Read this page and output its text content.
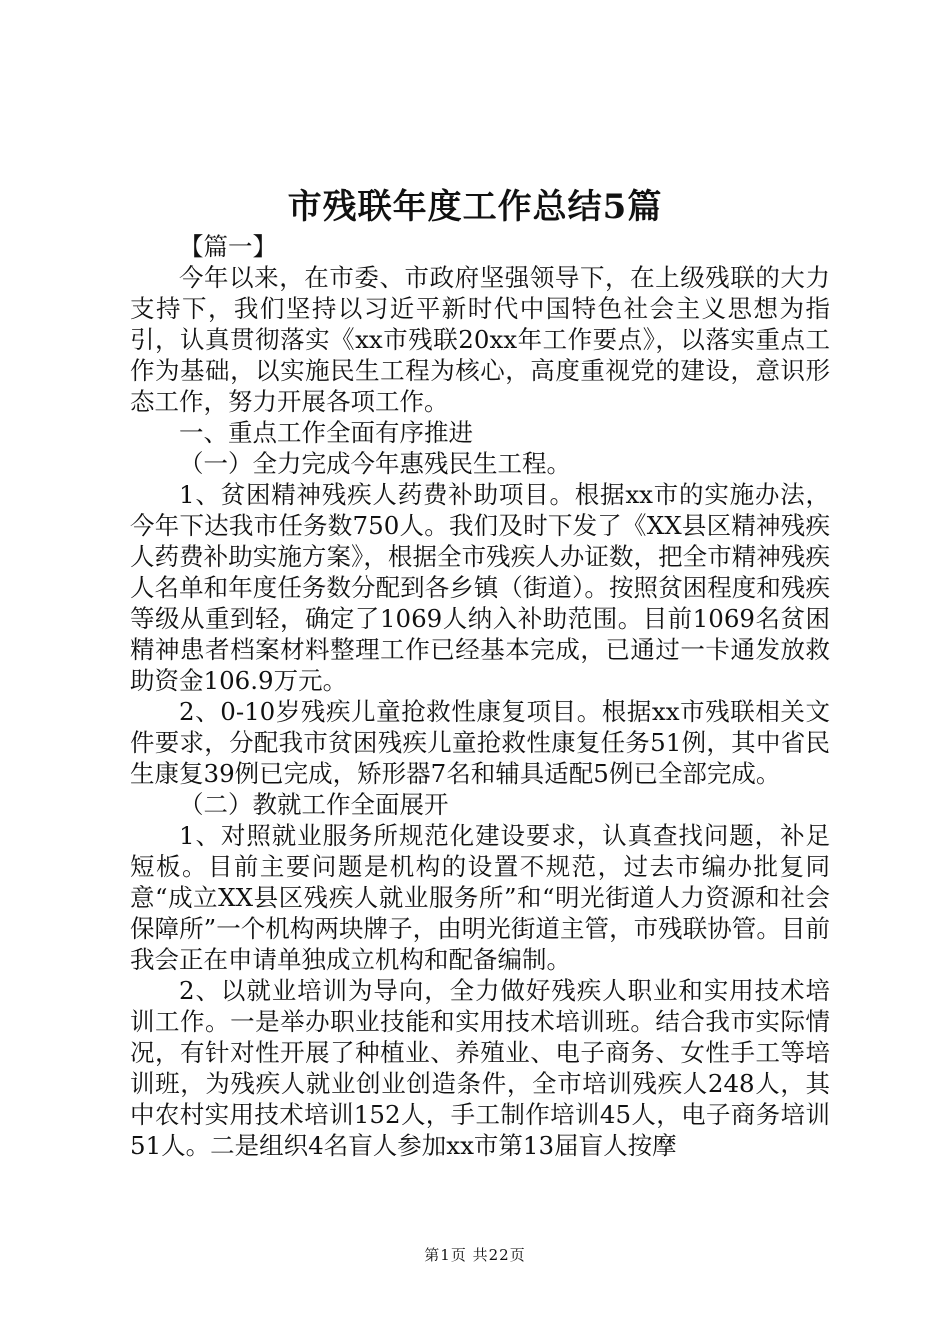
市残联年度工作总结5篇

【篇一】

今年以来，在市委、市政府坚强领导下，在上级残联的大力支持下，我们坚持以习近平新时代中国特色社会主义思想为指引，认真贯彻落实《xx市残联20xx年工作要点》，以落实重点工作为基础，以实施民生工程为核心，高度重视党的建设，意识形态工作，努力开展各项工作。

一、重点工作全面有序推进

（一）全力完成今年惠残民生工程。

1、贫困精神残疾人药费补助项目。根据xx市的实施办法，今年下达我市任务数750人。我们及时下发了《XX县区精神残疾人药费补助实施方案》，根据全市残疾人办证数，把全市精神残疾人名单和年度任务数分配到各乡镇（街道）。按照贫困程度和残疾等级从重到轻，确定了1069人纳入补助范围。目前1069名贫困精神患者档案材料整理工作已经基本完成，已通过一卡通发放救助资金106.9万元。

2、0-10岁残疾儿童抢救性康复项目。根据xx市残联相关文件要求，分配我市贫困残疾儿童抢救性康复任务51例，其中省民生康复39例已完成，矫形器7名和辅具适配5例已全部完成。

（二）教就工作全面展开

1、对照就业服务所规范化建设要求，认真查找问题，补足短板。目前主要问题是机构的设置不规范，过去市编办批复同意“成立XX县区残疾人就业服务所”和“明光街道人力资源和社会保障所”一个机构两块牌子，由明光街道主管，市残联协管。目前我会正在申请单独成立机构和配备编制。

2、以就业培训为导向，全力做好残疾人职业和实用技术培训工作。一是举办职业技能和实用技术培训班。结合我市实际情况，有针对性开展了种植业、养殖业、电子商务、女性手工等培训班，为残疾人就业创业创造条件，全市培训残疾人248人，其中农村实用技术培训152人，手工制作培训45人，电子商务培训51人。二是组织4名盲人参加xx市第13届盲人按摩

第1页 共22页
